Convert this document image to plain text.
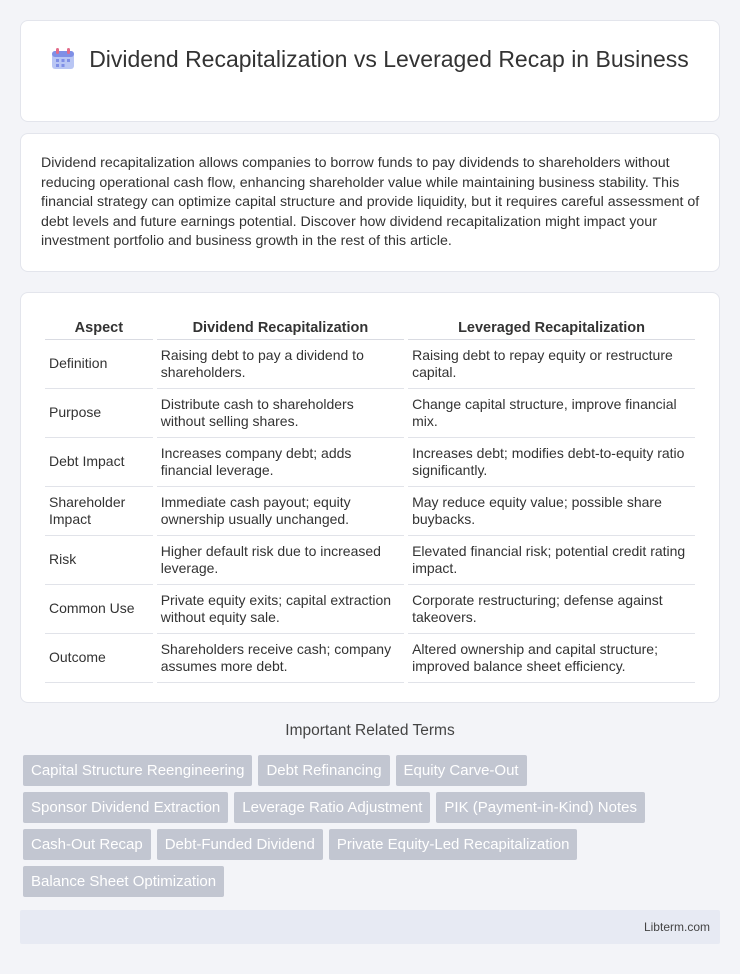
Dividend Recapitalization vs Leveraged Recap in Business

Dividend recapitalization allows companies to borrow funds to pay dividends to shareholders without reducing operational cash flow, enhancing shareholder value while maintaining business stability. This financial strategy can optimize capital structure and provide liquidity, but it requires careful assessment of debt levels and future earnings potential. Discover how dividend recapitalization might impact your investment portfolio and business growth in the rest of this article.

Aspect	Dividend Recapitalization	Leveraged Recapitalization
Definition	Raising debt to pay a dividend to shareholders.	Raising debt to repay equity or restructure capital.
Purpose	Distribute cash to shareholders without selling shares.	Change capital structure, improve financial mix.
Debt Impact	Increases company debt; adds financial leverage.	Increases debt; modifies debt-to-equity ratio significantly.
Shareholder Impact	Immediate cash payout; equity ownership usually unchanged.	May reduce equity value; possible share buybacks.
Risk	Higher default risk due to increased leverage.	Elevated financial risk; potential credit rating impact.
Common Use	Private equity exits; capital extraction without equity sale.	Corporate restructuring; defense against takeovers.
Outcome	Shareholders receive cash; company assumes more debt.	Altered ownership and capital structure; improved balance sheet efficiency.
Important Related Terms
Capital Structure Reengineering	Debt Refinancing	Equity Carve-Out
Sponsor Dividend Extraction	Leverage Ratio Adjustment	PIK (Payment-in-Kind) Notes
Cash-Out Recap	Debt-Funded Dividend	Private Equity-Led Recapitalization
Balance Sheet Optimization
Libterm.com
